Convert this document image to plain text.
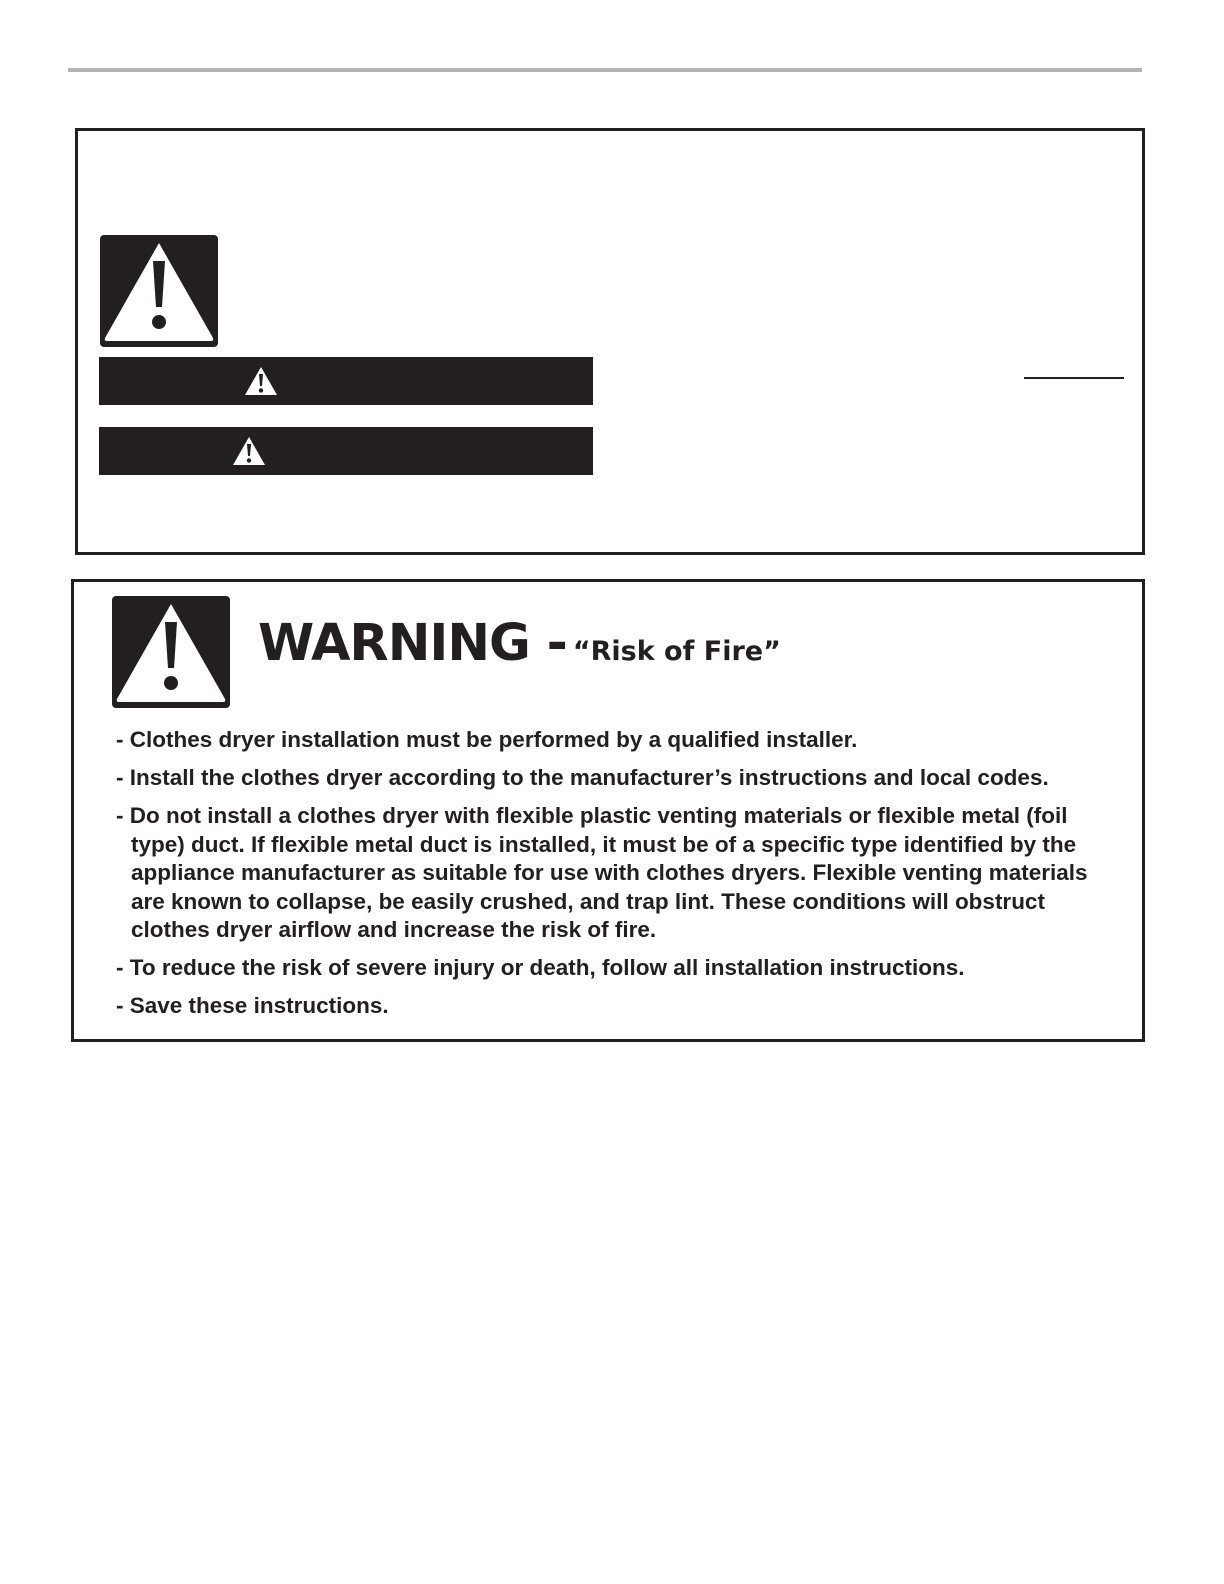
WARNING - “Risk of Fire”
- Clothes dryer installation must be performed by a qualified installer.
- Install the clothes dryer according to the manufacturer’s instructions and local codes.
- Do not install a clothes dryer with flexible plastic venting materials or flexible metal (foil type) duct. If flexible metal duct is installed, it must be of a specific type identified by the appliance manufacturer as suitable for use with clothes dryers. Flexible venting materials are known to collapse, be easily crushed, and trap lint. These conditions will obstruct clothes dryer airflow and increase the risk of fire.
- To reduce the risk of severe injury or death, follow all installation instructions.
- Save these instructions.
